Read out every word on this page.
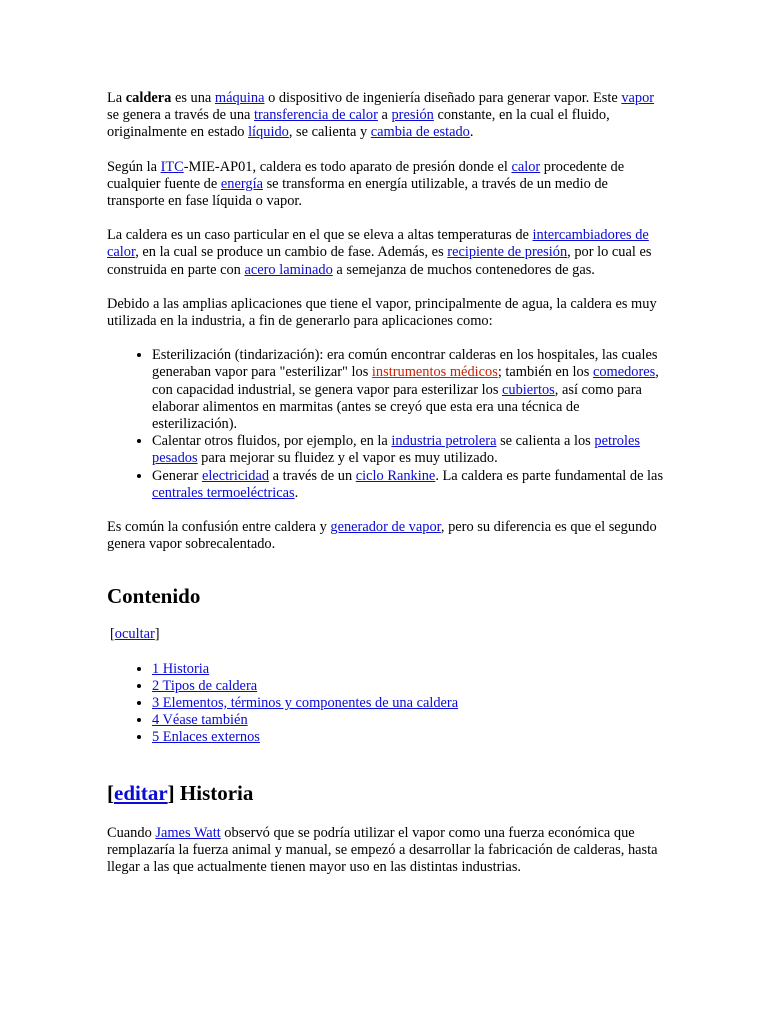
La caldera es una máquina o dispositivo de ingeniería diseñado para generar vapor. Este vapor se genera a través de una transferencia de calor a presión constante, en la cual el fluido, originalmente en estado líquido, se calienta y cambia de estado.

Según la ITC-MIE-AP01, caldera es todo aparato de presión donde el calor procedente de cualquier fuente de energía se transforma en energía utilizable, a través de un medio de transporte en fase líquida o vapor.

La caldera es un caso particular en el que se eleva a altas temperaturas de intercambiadores de calor, en la cual se produce un cambio de fase. Además, es recipiente de presión, por lo cual es construida en parte con acero laminado a semejanza de muchos contenedores de gas.

Debido a las amplias aplicaciones que tiene el vapor, principalmente de agua, la caldera es muy utilizada en la industria, a fin de generarlo para aplicaciones como:

• Esterilización (tindarización): era común encontrar calderas en los hospitales, las cuales generaban vapor para "esterilizar" los instrumentos médicos; también en los comedores, con capacidad industrial, se genera vapor para esterilizar los cubiertos, así como para elaborar alimentos en marmitas (antes se creyó que esta era una técnica de esterilización).
• Calentar otros fluidos, por ejemplo, en la industria petrolera se calienta a los petroles pesados para mejorar su fluidez y el vapor es muy utilizado.
• Generar electricidad a través de un ciclo Rankine. La caldera es parte fundamental de las centrales termoeléctricas.

Es común la confusión entre caldera y generador de vapor, pero su diferencia es que el segundo genera vapor sobrecalentado.

Contenido
[ocultar]
• 1 Historia
• 2 Tipos de caldera
• 3 Elementos, términos y componentes de una caldera
• 4 Véase también
• 5 Enlaces externos
[editar] Historia

Cuando James Watt observó que se podría utilizar el vapor como una fuerza económica que remplazaría la fuerza animal y manual, se empezó a desarrollar la fabricación de calderas, hasta llegar a las que actualmente tienen mayor uso en las distintas industrias.
